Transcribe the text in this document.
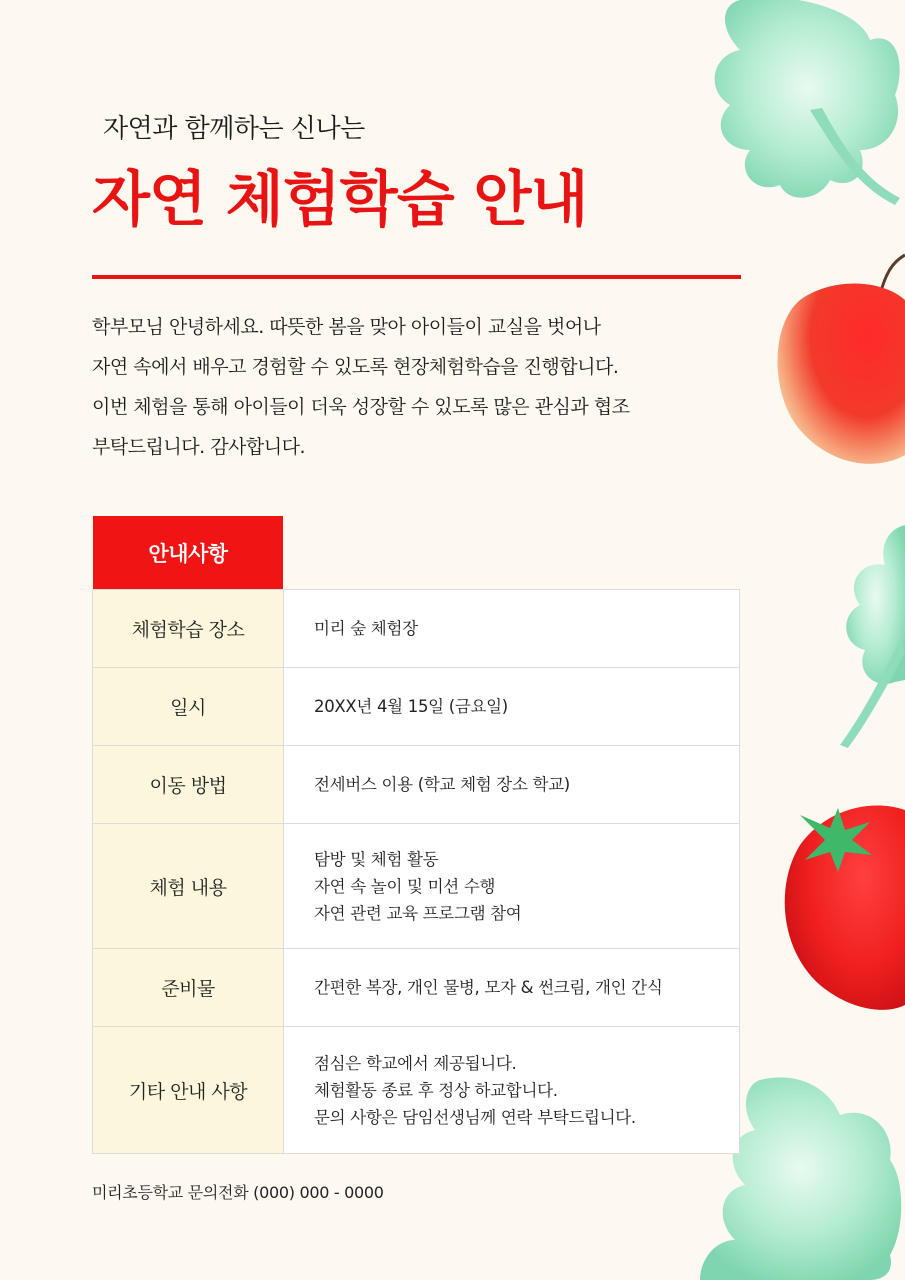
자연과 함께하는 신나는
자연 체험학습 안내
학부모님 안녕하세요. 따뜻한 봄을 맞아 아이들이 교실을 벗어나
자연 속에서 배우고 경험할 수 있도록 현장체험학습을 진행합니다.
이번 체험을 통해 아이들이 더욱 성장할 수 있도록 많은 관심과 협조
부탁드립니다. 감사합니다.
안내사항
체험학습 장소	미리 숲 체험장

일시	20XX년 4월 15일 (금요일)

이동 방법	전세버스 이용 (학교 체험 장소 학교)

체험 내용	탐방 및 체험 활동
자연 속 놀이 및 미션 수행
자연 관련 교육 프로그램 참여

준비물	간편한 복장, 개인 물병, 모자 & 썬크림, 개인 간식

기타 안내 사항	점심은 학교에서 제공됩니다.
체험활동 종료 후 정상 하교합니다.
문의 사항은 담임선생님께 연락 부탁드립니다.
미리초등학교 문의전화 (000) 000 - 0000
